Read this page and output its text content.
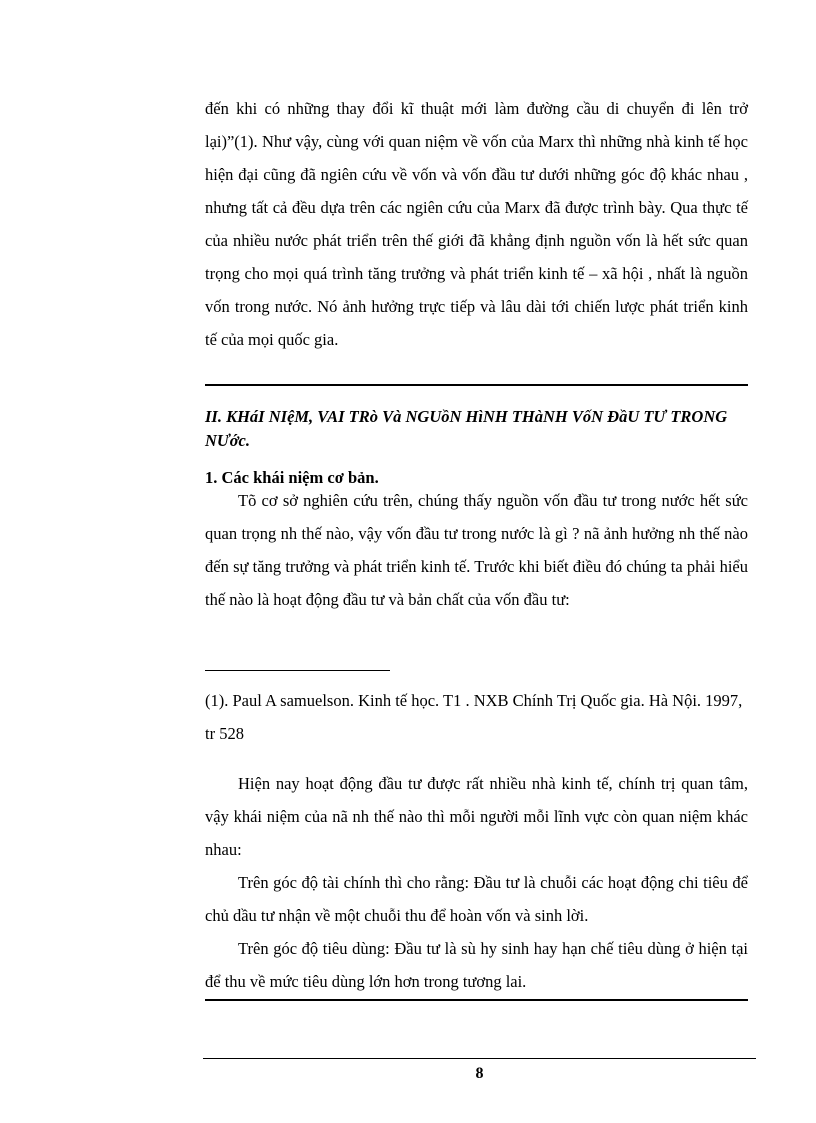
đến khi có những thay đổi kĩ thuật mới làm đường cầu di chuyển đi lên trở lại)”(1). Như vậy, cùng với quan niệm về vốn của Marx thì những nhà kinh tế học hiện đại cũng đã ngiên cứu về vốn và vốn đầu tư dưới những góc độ khác nhau , nhưng tất cả đều dựa trên các ngiên cứu của Marx đã được trình bày. Qua thực tế của nhiều nước phát triển trên thế giới đã khẳng định nguồn vốn là hết sức quan trọng cho mọi quá trình tăng trưởng và phát triển kinh tế – xã hội , nhất là nguồn vốn trong nước. Nó ảnh hưởng trực tiếp và lâu dài tới chiến lược phát triển kinh tế của mọi quốc gia.

II. KHáI NIệM, VAI TRò Và NGUồN HìNH THàNH VốN ĐầU TƯ TRONG NƯớc.
1. Các khái niệm cơ bản.

Tõ cơ sở nghiên cứu trên, chúng thấy nguồn vốn đầu tư trong nước hết sức quan trọng nh thế nào, vậy vốn đầu tư trong nước là gì ? nã ảnh hưởng nh thế nào đến sự tăng trưởng và phát triển kinh tế. Trước khi biết điều đó chúng ta phải hiểu thế nào là hoạt động đầu tư và bản chất của vốn đầu tư:

(1). Paul A samuelson. Kinh tế học. T1 . NXB Chính Trị Quốc gia. Hà Nội. 1997, tr 528

Hiện nay hoạt động đầu tư được rất nhiều nhà kinh tế, chính trị quan tâm, vậy khái niệm của nã nh thế nào thì mỗi người mỗi lĩnh vực còn quan niệm khác nhau:

Trên góc độ tài chính thì cho rằng: Đầu tư là chuỗi các hoạt động chi tiêu để chủ dầu tư nhận về một chuỗi thu để hoàn vốn và sinh lời.

Trên góc độ tiêu dùng: Đầu tư là sù hy sinh hay hạn chế tiêu dùng ở hiện tại để thu về mức tiêu dùng lớn hơn trong tương lai.

8
